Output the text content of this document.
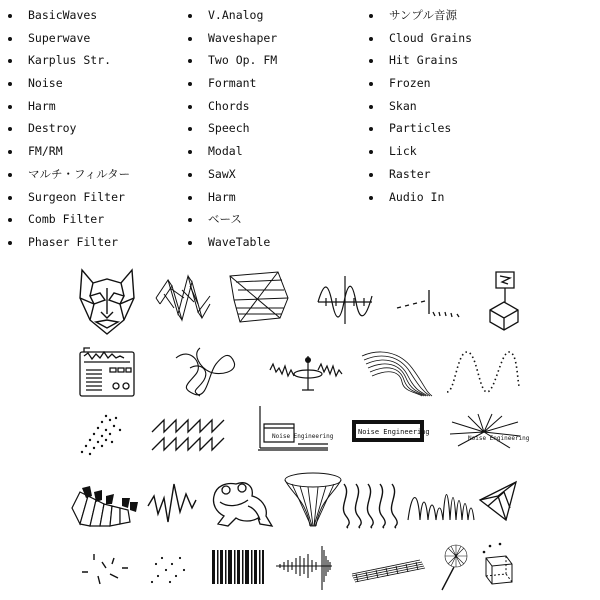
BasicWaves
Superwave
Karplus Str.
Noise
Harm
Destroy
FM/RM
マルチ・フィルター
Surgeon Filter
Comb Filter
Phaser Filter
V.Analog
Waveshaper
Two Op. FM
Formant
Chords
Speech
Modal
SawX
Harm
ベース
WaveTable
サンプル音源
Cloud Grains
Hit Grains
Frozen
Skan
Particles
Lick
Raster
Audio In
Noise Engineering
Noise Engineering
Noise Engineering
